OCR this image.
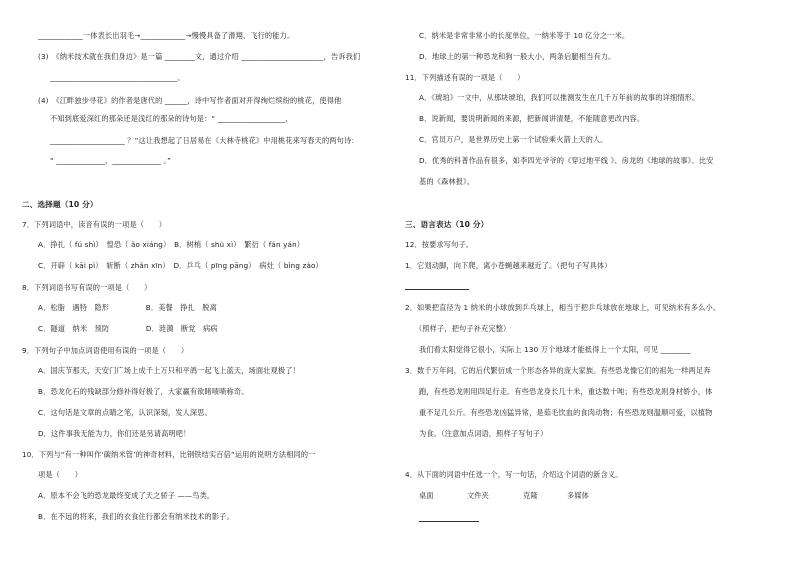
____________一体表长出羽毛→____________→慢慢具备了滑翔、飞行的能力。
(3)　《纳米技术就在我们身边》是一篇 ________文，通过介绍 ______________________，告诉我们
__________________________________。
(4)　《江畔独步寻花》的作者是唐代的 ______，诗中写作者面对开得绚烂缤纷的桃花，使得他
不知到底爱深红的那朵还是浅红的那朵的诗句是：“ __________________，
____________________ ？”这让我想起了日居易在《大林寺桃花》中用桃花来写春天的两句诗：
“ _____________，_____________ 。”
二、选择题（10 分）
7．下列词语中，读音有误的一项是（　　）
A．挣扎（ fú shì）　惶恐（ ǎo xiáng）　B．树梢（ shù xì）　繁衍（ fán yán）
C．开辟（ kāi pì）　斩断（ zhǎn xīn）　D．乒乓（ pīng pāng）　病灶（ bìng zào）
8．下列词语书写有误的一项是（　　）
A．松脂　遇特　隐形　　　　　B．美餐　挣扎　脱离
C．隧道　纳米　预防　　　　　D．涟漪　断党　病病
9．下列句子中加点词语使用有误的一项是（　　）
A．国庆节那天，天安门广场上成千上万只和平鸽一起飞上蓝天，场面壮观极了！
B．恐龙化石的残缺部分修补得好极了，大家赢有欲睹啧啧称奇。
C．这句话是文章的点睛之笔，认识深刻，发人深思。
D．这件事我无能为力，你们还是另请高明吧！
10．下列与“有一种叫作‘碳纳米管’的神奇材料，比钢铁结实百倍”运用的说明方法相同的一
项是（　　）
A．原本不会飞的恐龙最终变成了天之骄子 ——鸟类。
B．在不远的将来，我们的衣食住行都会有纳米技术的影子。
C．纳米是非常非常小的长度单位，一纳米等于 10 亿分之一米。
D．地球上的第一种恐龙和狗一般大小，两条后腿相当有力。
11．下列描述有误的一项是（　　）
A．《琥珀》一文中，从那块琥珀，我们可以推测发生在几千万年前的故事的详细情形。
B．说新闻，要说明新闻的来源，把新闻讲清楚，不能随意更改内容。
C．官员万户，是世界历史上第一个试验乘火箭上天的人。
D．优秀的科普作品有很多，如李四光爷爷的《穿过地平线 》、房龙的《地球的故事》、比安
基的《森林报》。
三、语言表达（10 分）
12．按要求写句子。
1．它划动脚，向下爬，离小苍蝇越来越近了。（把句子写具体）
2．如果把直径为 1 纳米的小球放到乒乓球上，相当于把乒乓球放在地球上，可见纳米有多么小。
（照样子，把句子补充完整）
我们看太阳觉得它很小，实际上 130 万个地球才能抵得上一个太阳，可见 ________
3．数千万年间，它的后代繁衍成一个形态各异的庞大家族。有些恐龙像它们的祖先一样两足奔
跑，有些恐龙则用四足行走。有些恐龙身长几十米，重达数十吨；有些恐龙则身材娇小，体
重不足几公斤。有些恐龙凶猛异常，是茹毛饮血的食肉动物；有些恐龙则温顺可爱，以植物
为食。（注意加点词语，照样子写句子）
4．从下面的词语中任选一个，写一句话，介绍这个词语的新含义。
桌面	文件夹	克隆	多媒体
